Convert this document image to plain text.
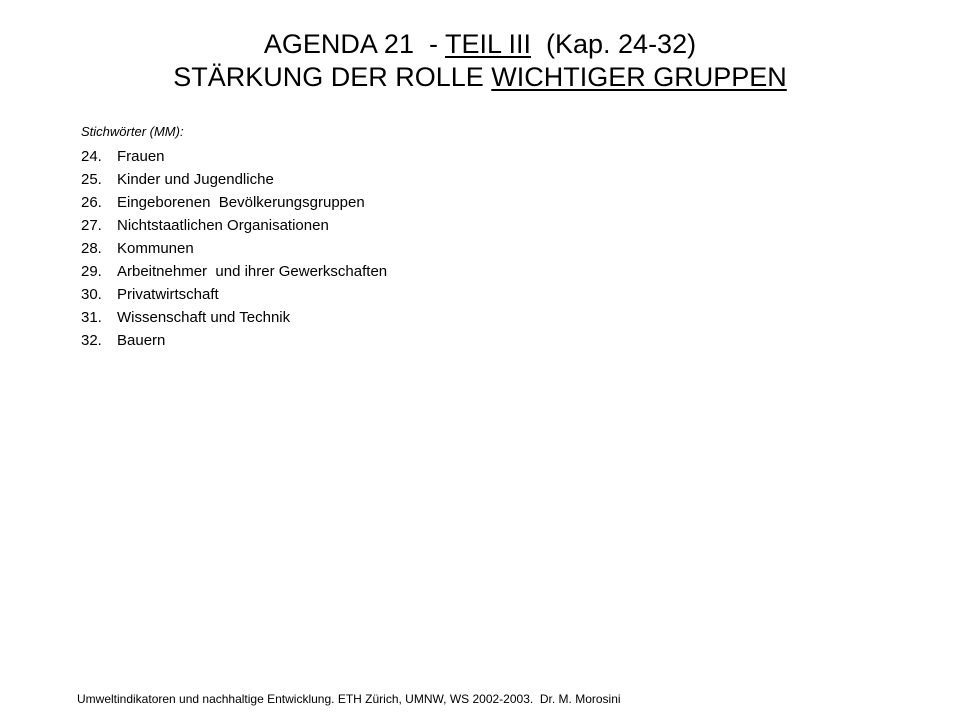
AGENDA 21  - TEIL III  (Kap. 24-32)
STÄRKUNG DER ROLLE WICHTIGER GRUPPEN
Stichwörter (MM):
24. Frauen
25. Kinder und Jugendliche
26. Eingeborenen  Bevölkerungsgruppen
27. Nichtstaatlichen Organisationen
28. Kommunen
29. Arbeitnehmer  und ihrer Gewerkschaften
30. Privatwirtschaft
31. Wissenschaft und Technik
32. Bauern
Umweltindikatoren und nachhaltige Entwicklung. ETH Zürich, UMNW, WS 2002-2003.  Dr. M. Morosini
